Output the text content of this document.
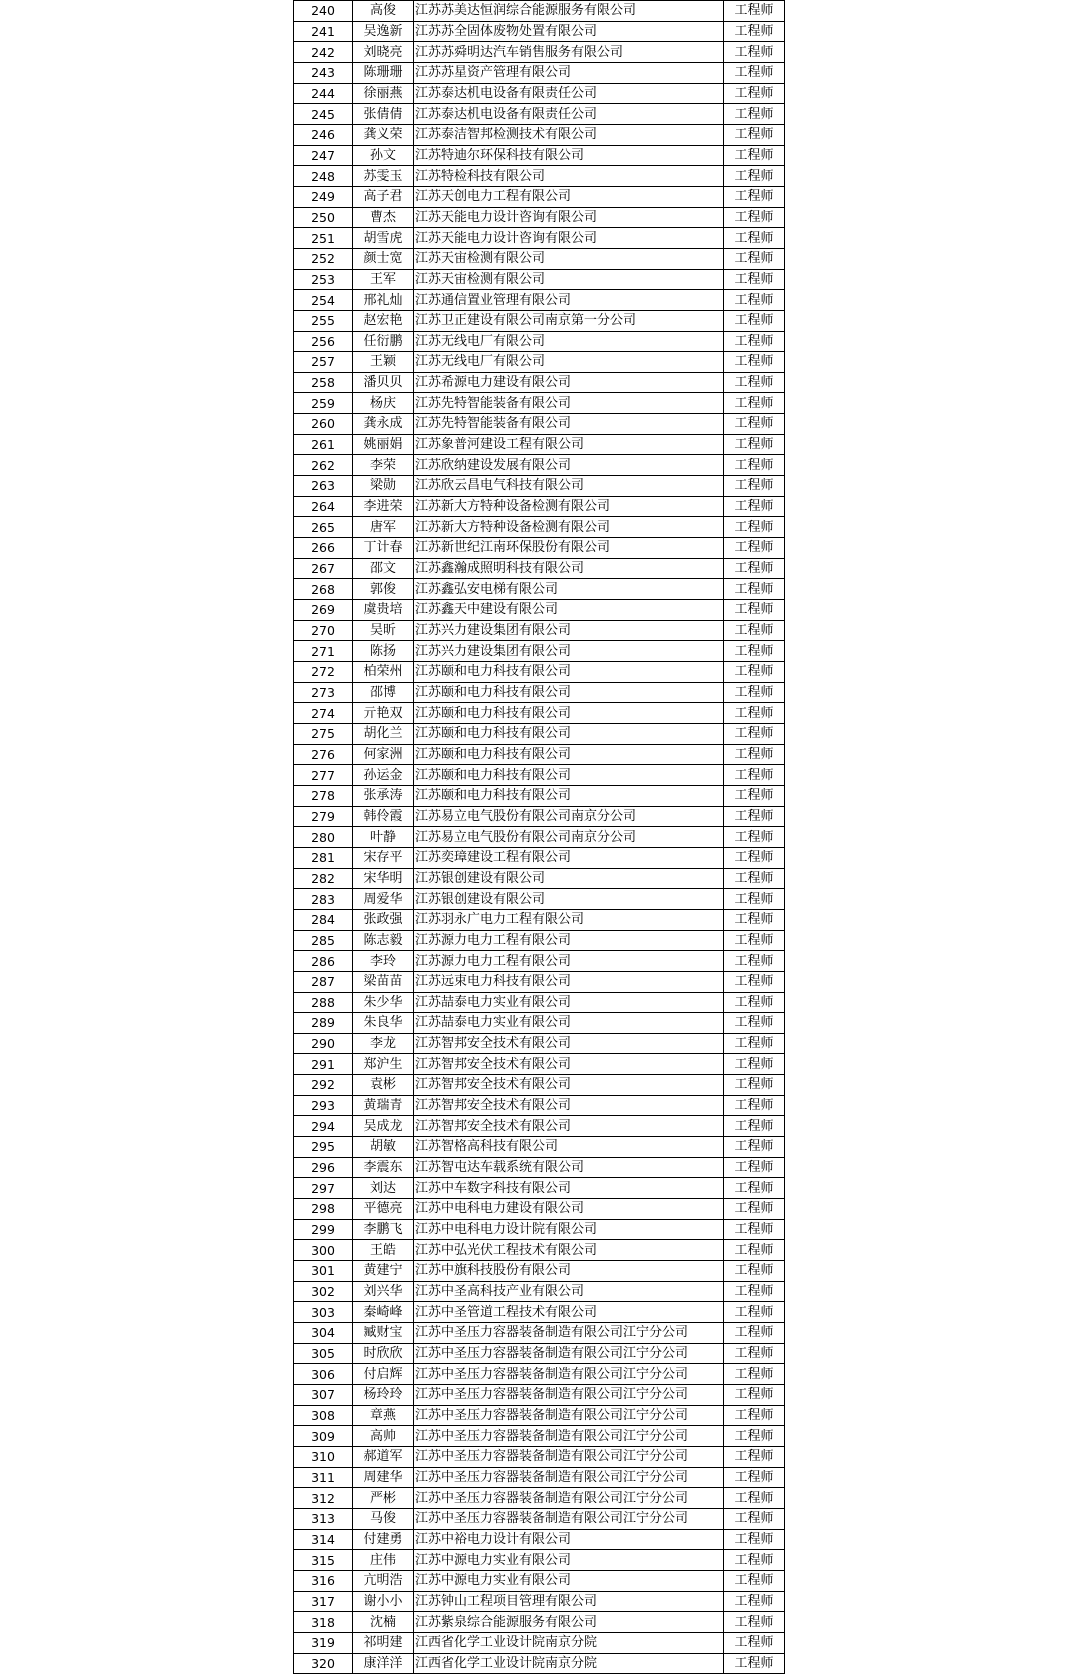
240	高俊	江苏苏美达恒润综合能源服务有限公司	工程师
241	吴逸新	江苏苏全固体废物处置有限公司	工程师
242	刘晓亮	江苏苏舜明达汽车销售服务有限公司	工程师
243	陈珊珊	江苏苏星资产管理有限公司	工程师
244	徐丽燕	江苏泰达机电设备有限责任公司	工程师
245	张倩倩	江苏泰达机电设备有限责任公司	工程师
246	龚义荣	江苏泰洁智邦检测技术有限公司	工程师
247	孙文	江苏特迪尔环保科技有限公司	工程师
248	苏雯玉	江苏特检科技有限公司	工程师
249	高子君	江苏天创电力工程有限公司	工程师
250	曹杰	江苏天能电力设计咨询有限公司	工程师
251	胡雪虎	江苏天能电力设计咨询有限公司	工程师
252	颜士宽	江苏天宙检测有限公司	工程师
253	王军	江苏天宙检测有限公司	工程师
254	邢礼灿	江苏通信置业管理有限公司	工程师
255	赵宏艳	江苏卫正建设有限公司南京第一分公司	工程师
256	任衍鹏	江苏无线电厂有限公司	工程师
257	王颖	江苏无线电厂有限公司	工程师
258	潘贝贝	江苏希源电力建设有限公司	工程师
259	杨庆	江苏先特智能装备有限公司	工程师
260	龚永成	江苏先特智能装备有限公司	工程师
261	姚丽娟	江苏象普河建设工程有限公司	工程师
262	李荣	江苏欣纳建设发展有限公司	工程师
263	梁勋	江苏欣云昌电气科技有限公司	工程师
264	李进荣	江苏新大方特种设备检测有限公司	工程师
265	唐军	江苏新大方特种设备检测有限公司	工程师
266	丁计春	江苏新世纪江南环保股份有限公司	工程师
267	邵文	江苏鑫瀚成照明科技有限公司	工程师
268	郭俊	江苏鑫弘安电梯有限公司	工程师
269	虞贵培	江苏鑫天中建设有限公司	工程师
270	吴昕	江苏兴力建设集团有限公司	工程师
271	陈扬	江苏兴力建设集团有限公司	工程师
272	柏荣州	江苏颐和电力科技有限公司	工程师
273	邵博	江苏颐和电力科技有限公司	工程师
274	亓艳双	江苏颐和电力科技有限公司	工程师
275	胡化兰	江苏颐和电力科技有限公司	工程师
276	何家洲	江苏颐和电力科技有限公司	工程师
277	孙运金	江苏颐和电力科技有限公司	工程师
278	张承涛	江苏颐和电力科技有限公司	工程师
279	韩伶霞	江苏易立电气股份有限公司南京分公司	工程师
280	叶静	江苏易立电气股份有限公司南京分公司	工程师
281	宋存平	江苏奕璋建设工程有限公司	工程师
282	宋华明	江苏银创建设有限公司	工程师
283	周爱华	江苏银创建设有限公司	工程师
284	张政强	江苏羽永广电力工程有限公司	工程师
285	陈志毅	江苏源力电力工程有限公司	工程师
286	李玲	江苏源力电力工程有限公司	工程师
287	梁苗苗	江苏远束电力科技有限公司	工程师
288	朱少华	江苏喆泰电力实业有限公司	工程师
289	朱良华	江苏喆泰电力实业有限公司	工程师
290	李龙	江苏智邦安全技术有限公司	工程师
291	郑沪生	江苏智邦安全技术有限公司	工程师
292	袁彬	江苏智邦安全技术有限公司	工程师
293	黄瑞青	江苏智邦安全技术有限公司	工程师
294	吴成龙	江苏智邦安全技术有限公司	工程师
295	胡敏	江苏智格高科技有限公司	工程师
296	李震东	江苏智屯达车载系统有限公司	工程师
297	刘达	江苏中车数字科技有限公司	工程师
298	平德亮	江苏中电科电力建设有限公司	工程师
299	李鹏飞	江苏中电科电力设计院有限公司	工程师
300	王皓	江苏中弘光伏工程技术有限公司	工程师
301	黄建宁	江苏中旗科技股份有限公司	工程师
302	刘兴华	江苏中圣高科技产业有限公司	工程师
303	秦崎峰	江苏中圣管道工程技术有限公司	工程师
304	臧财宝	江苏中圣压力容器装备制造有限公司江宁分公司	工程师
305	时欣欣	江苏中圣压力容器装备制造有限公司江宁分公司	工程师
306	付启辉	江苏中圣压力容器装备制造有限公司江宁分公司	工程师
307	杨玲玲	江苏中圣压力容器装备制造有限公司江宁分公司	工程师
308	章燕	江苏中圣压力容器装备制造有限公司江宁分公司	工程师
309	高帅	江苏中圣压力容器装备制造有限公司江宁分公司	工程师
310	郝道军	江苏中圣压力容器装备制造有限公司江宁分公司	工程师
311	周建华	江苏中圣压力容器装备制造有限公司江宁分公司	工程师
312	严彬	江苏中圣压力容器装备制造有限公司江宁分公司	工程师
313	马俊	江苏中圣压力容器装备制造有限公司江宁分公司	工程师
314	付建勇	江苏中裕电力设计有限公司	工程师
315	庄伟	江苏中源电力实业有限公司	工程师
316	亢明浩	江苏中源电力实业有限公司	工程师
317	谢小小	江苏钟山工程项目管理有限公司	工程师
318	沈楠	江苏紫泉综合能源服务有限公司	工程师
319	祁明建	江西省化学工业设计院南京分院	工程师
320	康洋洋	江西省化学工业设计院南京分院	工程师
